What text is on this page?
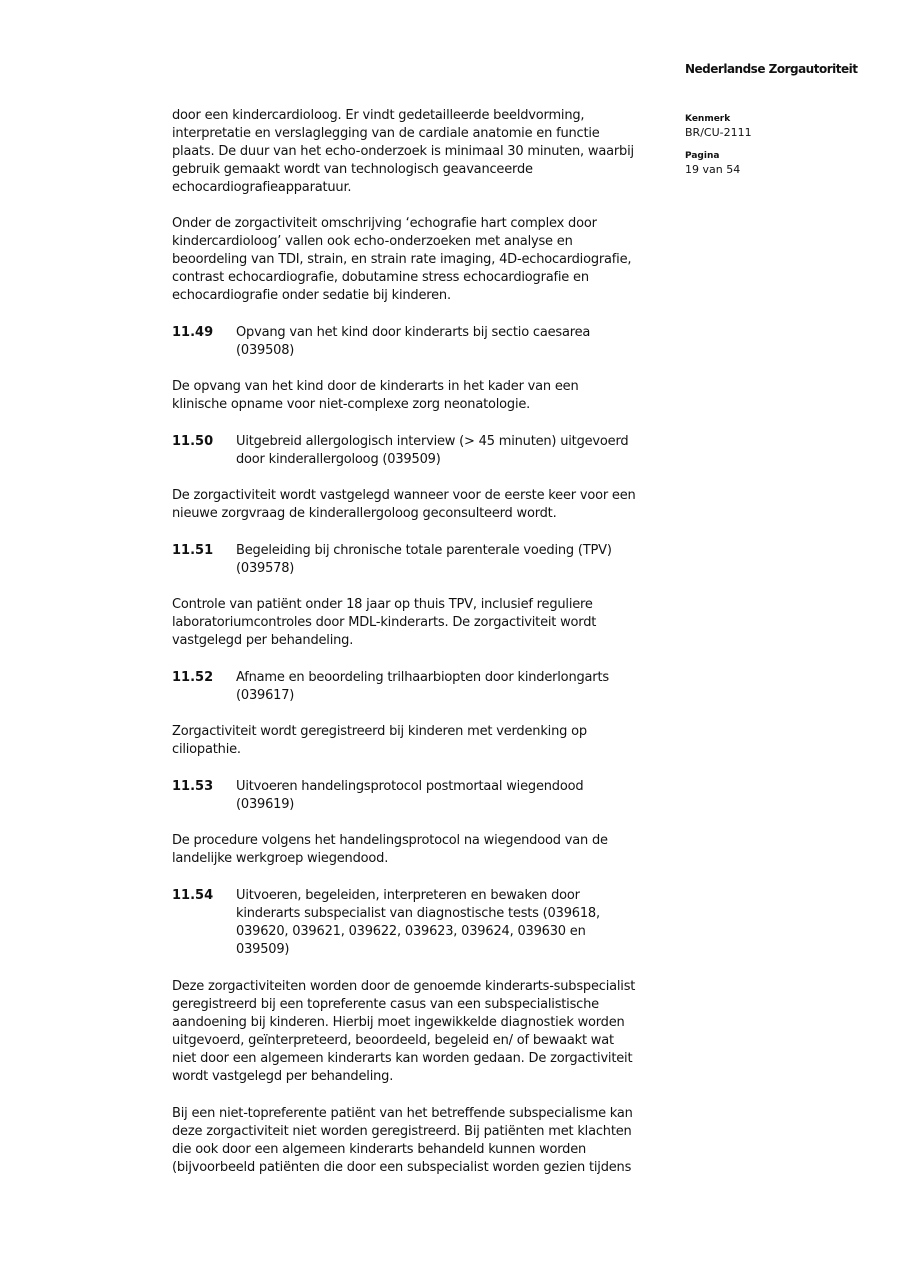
Nederlandse Zorgautoriteit
Kenmerk
BR/CU-2111
Pagina
19 van 54
door een kindercardioloog. Er vindt gedetailleerde beeldvorming,
interpretatie en verslaglegging van de cardiale anatomie en functie
plaats. De duur van het echo-onderzoek is minimaal 30 minuten, waarbij
gebruik gemaakt wordt van technologisch geavanceerde
echocardiografieapparatuur.
Onder de zorgactiviteit omschrijving ‘echografie hart complex door
kindercardioloog’ vallen ook echo-onderzoeken met analyse en
beoordeling van TDI, strain, en strain rate imaging, 4D-echocardiografie,
contrast echocardiografie, dobutamine stress echocardiografie en
echocardiografie onder sedatie bij kinderen.
11.49 Opvang van het kind door kinderarts bij sectio caesarea
(039508)
De opvang van het kind door de kinderarts in het kader van een
klinische opname voor niet-complexe zorg neonatologie.
11.50 Uitgebreid allergologisch interview (> 45 minuten) uitgevoerd
door kinderallergoloog (039509)
De zorgactiviteit wordt vastgelegd wanneer voor de eerste keer voor een
nieuwe zorgvraag de kinderallergoloog geconsulteerd wordt.
11.51 Begeleiding bij chronische totale parenterale voeding (TPV)
(039578)
Controle van patiënt onder 18 jaar op thuis TPV, inclusief reguliere
laboratoriumcontroles door MDL-kinderarts. De zorgactiviteit wordt
vastgelegd per behandeling.
11.52 Afname en beoordeling trilhaarbiopten door kinderlongarts
(039617)
Zorgactiviteit wordt geregistreerd bij kinderen met verdenking op
ciliopathie.
11.53 Uitvoeren handelingsprotocol postmortaal wiegendood
(039619)
De procedure volgens het handelingsprotocol na wiegendood van de
landelijke werkgroep wiegendood.
11.54 Uitvoeren, begeleiden, interpreteren en bewaken door
kinderarts subspecialist van diagnostische tests (039618,
039620, 039621, 039622, 039623, 039624, 039630 en
039509)
Deze zorgactiviteiten worden door de genoemde kinderarts-subspecialist
geregistreerd bij een topreferente casus van een subspecialistische
aandoening bij kinderen. Hierbij moet ingewikkelde diagnostiek worden
uitgevoerd, geïnterpreteerd, beoordeeld, begeleid en/ of bewaakt wat
niet door een algemeen kinderarts kan worden gedaan. De zorgactiviteit
wordt vastgelegd per behandeling.
Bij een niet-topreferente patiënt van het betreffende subspecialisme kan
deze zorgactiviteit niet worden geregistreerd. Bij patiënten met klachten
die ook door een algemeen kinderarts behandeld kunnen worden
(bijvoorbeeld patiënten die door een subspecialist worden gezien tijdens
